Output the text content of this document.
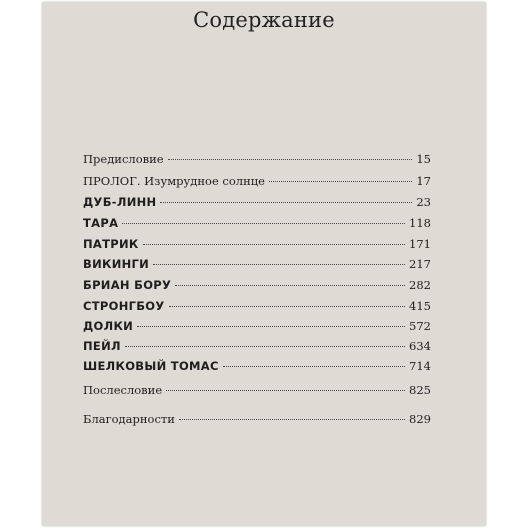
Содержание
Предисловие	15
ПРОЛОГ. Изумрудное солнце	17
ДУБ-ЛИНН	23
ТАРА	118
ПАТРИК	171
ВИКИНГИ	217
БРИАН БОРУ	282
СТРОНГБОУ	415
ДОЛКИ	572
ПЕЙЛ	634
ШЕЛКОВЫЙ ТОМАС	714
Послесловие	825
Благодарности	829
